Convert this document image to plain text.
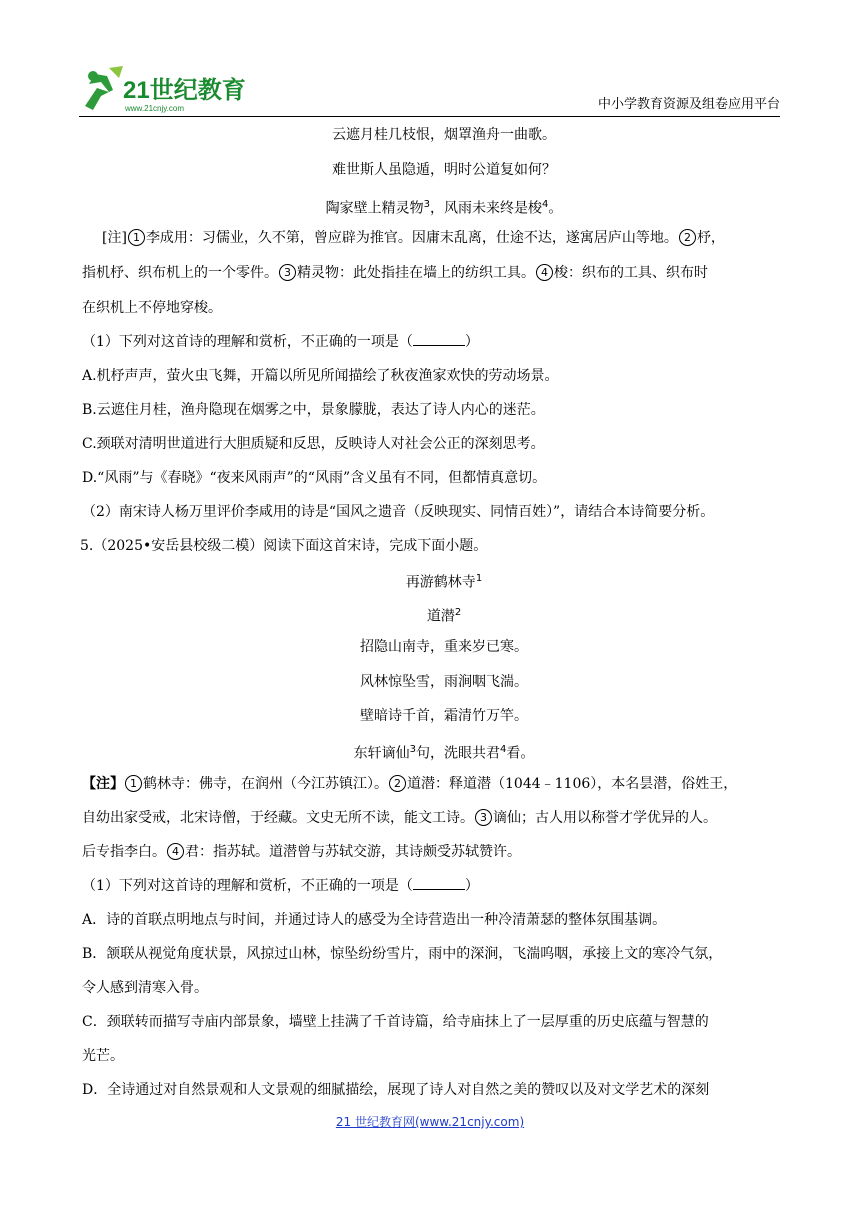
21世纪教育
www.21cnjy.com	中小学教育资源及组卷应用平台
云遮月桂几枝恨，烟罩渔舟一曲歌。
难世斯人虽隐遁，明时公道复如何？
陶家壁上精灵物$^3$，风雨未来终是梭$^4$。
[注] 1 李成用：习儒业，久不第，曾应辟为推官。因庸末乱离，仕途不达，遂寓居庐山等地。 2 杼，
指机杼、织布机上的一个零件。 3 精灵物：此处指挂在墙上的纺织工具。 4 梭：织布的工具、织布时
在织机上不停地穿梭。
（1）下列对这首诗的理解和赏析，不正确的一项是（	）
A.机杼声声，萤火虫飞舞，开篇以所见所闻描绘了秋夜渔家欢快的劳动场景。
B.云遮住月桂，渔舟隐现在烟雾之中，景象朦胧，表达了诗人内心的迷茫。
C.颈联对清明世道进行大胆质疑和反思，反映诗人对社会公正的深刻思考。
D.“风雨”与《春晓》“夜来风雨声”的“风雨”含义虽有不同，但都情真意切。
（2）南宋诗人杨万里评价李咸用的诗是“国风之遗音（反映现实、同情百姓）”，请结合本诗简要分析。
5.（2025•安岳县校级二模）阅读下面这首宋诗，完成下面小题。
再游鹤林寺$^1$
道潜$^2$
招隐山南寺，重来岁已寒。
风林惊坠雪，雨涧咽飞湍。
壁暗诗千首，霜清竹万竿。
东轩谪仙$^3$句，洗眼共君$^4$看。
【注】 1 鹤林寺：佛寺，在润州（今江苏镇江）。 2 道潜：释道潜（1044﹣1106），本名昙潜，俗姓王，
自幼出家受戒，北宋诗僧，于经藏。文史无所不读，能文工诗。 3 谪仙；古人用以称誉才学优异的人。
后专指李白。 4 君：指苏轼。道潜曾与苏轼交游，其诗颇受苏轼赞许。
（1）下列对这首诗的理解和赏析，不正确的一项是（	）
A．诗的首联点明地点与时间，并通过诗人的感受为全诗营造出一种冷清萧瑟的整体氛围基调。
B．颔联从视觉角度状景，风掠过山林，惊坠纷纷雪片，雨中的深涧，飞湍呜咽，承接上文的寒冷气氛，
令人感到清寒入骨。
C．颈联转而描写寺庙内部景象，墙壁上挂满了千首诗篇，给寺庙抹上了一层厚重的历史底蕴与智慧的
光芒。
D．全诗通过对自然景观和人文景观的细腻描绘，展现了诗人对自然之美的赞叹以及对文学艺术的深刻
21 世纪教育网(www.21cnjy.com)
